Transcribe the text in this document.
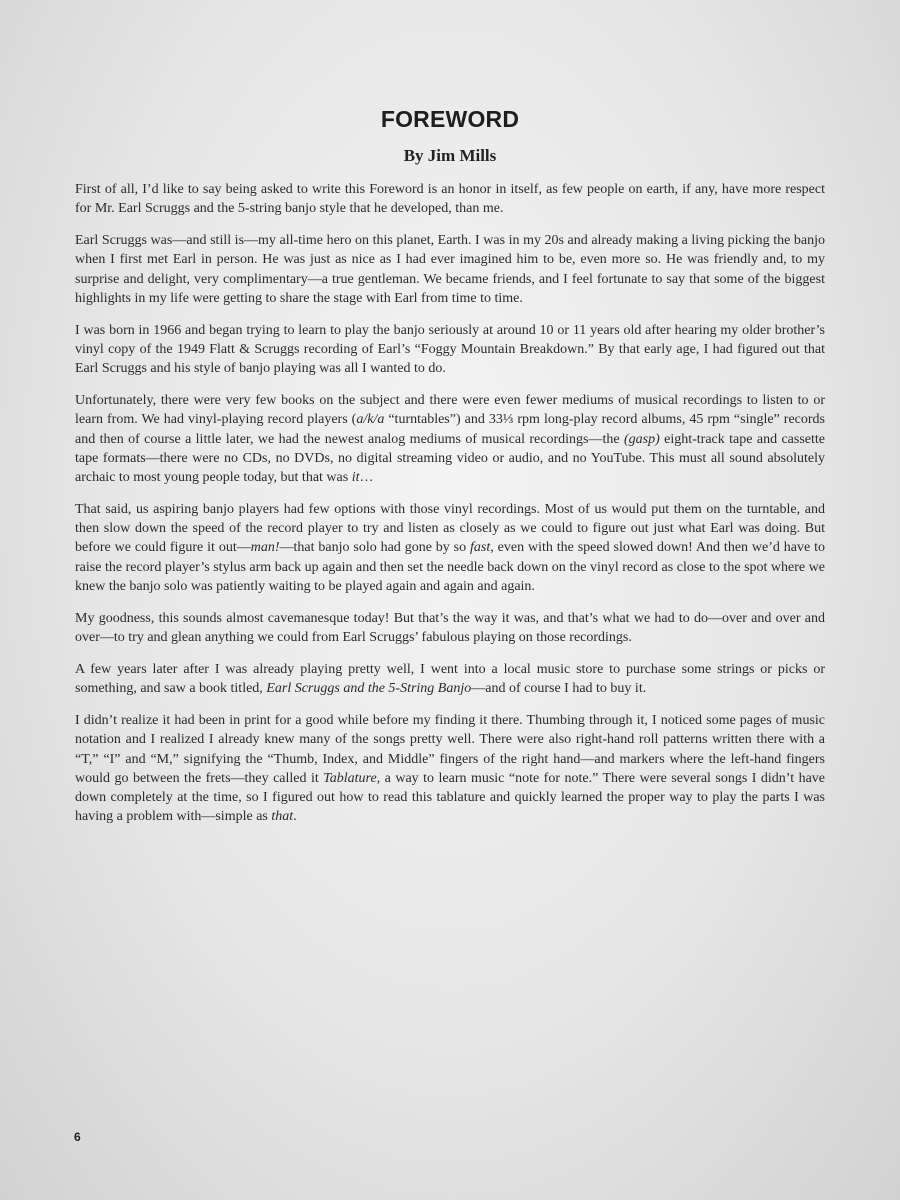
FOREWORD
By Jim Mills

First of all, I’d like to say being asked to write this Foreword is an honor in itself, as few people on earth, if any, have more respect for Mr. Earl Scruggs and the 5-string banjo style that he developed, than me.

Earl Scruggs was—and still is—my all-time hero on this planet, Earth. I was in my 20s and already making a living picking the banjo when I first met Earl in person. He was just as nice as I had ever imagined him to be, even more so. He was friendly and, to my surprise and delight, very complimentary—a true gentleman. We became friends, and I feel fortunate to say that some of the biggest highlights in my life were getting to share the stage with Earl from time to time.

I was born in 1966 and began trying to learn to play the banjo seriously at around 10 or 11 years old after hearing my older brother’s vinyl copy of the 1949 Flatt & Scruggs recording of Earl’s “Foggy Mountain Breakdown.” By that early age, I had figured out that Earl Scruggs and his style of banjo playing was all I wanted to do.

Unfortunately, there were very few books on the subject and there were even fewer mediums of musical recordings to listen to or learn from. We had vinyl-playing record players (a/k/a “turntables”) and 33⅓ rpm long-play record albums, 45 rpm “single” records and then of course a little later, we had the newest analog mediums of musical recordings—the (gasp) eight-track tape and cassette tape formats—there were no CDs, no DVDs, no digital streaming video or audio, and no YouTube. This must all sound absolutely archaic to most young people today, but that was it…

That said, us aspiring banjo players had few options with those vinyl recordings. Most of us would put them on the turntable, and then slow down the speed of the record player to try and listen as closely as we could to figure out just what Earl was doing. But before we could figure it out—man!—that banjo solo had gone by so fast, even with the speed slowed down! And then we’d have to raise the record player’s stylus arm back up again and then set the needle back down on the vinyl record as close to the spot where we knew the banjo solo was patiently waiting to be played again and again and again.

My goodness, this sounds almost cavemanesque today! But that’s the way it was, and that’s what we had to do—over and over and over—to try and glean anything we could from Earl Scruggs’ fabulous playing on those recordings.

A few years later after I was already playing pretty well, I went into a local music store to purchase some strings or picks or something, and saw a book titled, Earl Scruggs and the 5-String Banjo—and of course I had to buy it.

I didn’t realize it had been in print for a good while before my finding it there. Thumbing through it, I noticed some pages of music notation and I realized I already knew many of the songs pretty well. There were also right-hand roll patterns written there with a “T,” “I” and “M,” signifying the “Thumb, Index, and Middle” fingers of the right hand—and markers where the left-hand fingers would go between the frets—they called it Tablature, a way to learn music “note for note.” There were several songs I didn’t have down completely at the time, so I figured out how to read this tablature and quickly learned the proper way to play the parts I was having a problem with—simple as that.

6
